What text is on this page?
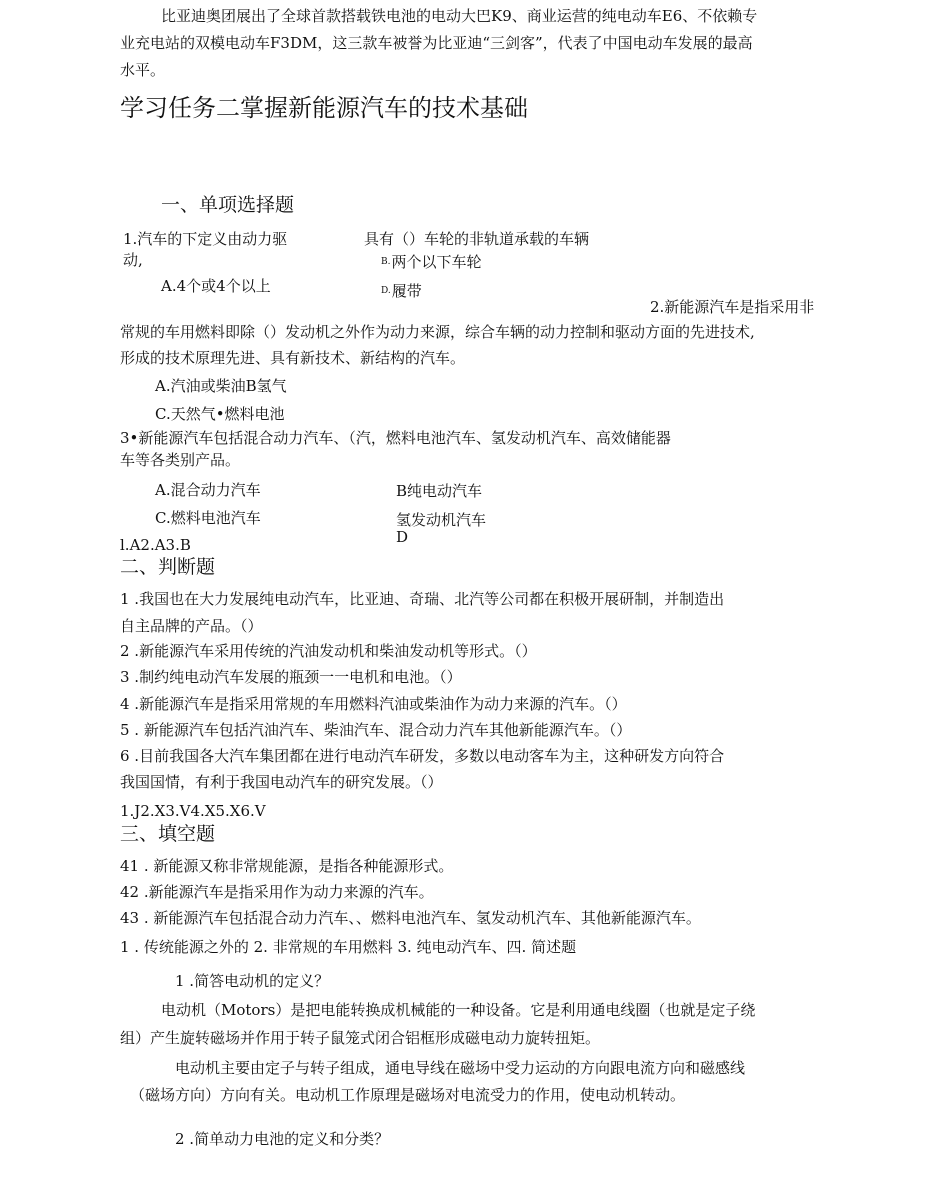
比亚迪奥团展出了全球首款搭载铁电池的电动大巴K9、商业运营的纯电动车E6、不依赖专
业充电站的双模电动车F3DM，这三款车被誉为比亚迪“三剑客”，代表了中国电动车发展的最高
水平。
学习任务二掌握新能源汽车的技术基础
一、单项选择题
1.汽车的下定义由动力驱
动,
具有（）车轮的非轨道承载的车辆
A.4个或4个以上
$^{B.}$两个以下车轮
$^{D.}$履带
2.新能源汽车是指采用非
常规的车用燃料即除（）发动机之外作为动力来源，综合车辆的动力控制和驱动方面的先进技术,
形成的技术原理先进、具有新技术、新结构的汽车。
A.汽油或柴油B氢气
C.天然气•燃料电池
3•新能源汽车包括混合动力汽车、（汽，燃料电池汽车、氢发动机汽车、高效储能器
车等各类别产品。
A.混合动力汽车	B纯电动汽车
C.燃料电池汽车	氢发动机汽车
D
l.A2.A3.B
二、判断题
1 .我国也在大力发展纯电动汽车，比亚迪、奇瑞、北汽等公司都在积极开展研制，并制造出
自主品牌的产品。（）
2 .新能源汽车采用传统的汽油发动机和柴油发动机等形式。（）
3 .制约纯电动汽车发展的瓶颈一一电机和电池。（）
4 .新能源汽车是指采用常规的车用燃料汽油或柴油作为动力来源的汽车。（）
5 . 新能源汽车包括汽油汽车、柴油汽车、混合动力汽车其他新能源汽车。（）
6 .目前我国各大汽车集团都在进行电动汽车研发，多数以电动客车为主，这种研发方向符合
我国国情，有利于我国电动汽车的研究发展。（）
1.J2.X3.V4.X5.X6.V
三、填空题
41 . 新能源又称非常规能源，是指各种能源形式。
42 .新能源汽车是指采用作为动力来源的汽车。
43 . 新能源汽车包括混合动力汽车、、燃料电池汽车、氢发动机汽车、其他新能源汽车。
1 . 传统能源之外的 2. 非常规的车用燃料 3. 纯电动汽车、四. 简述题
1 .简答电动机的定义？
电动机（Motors）是把电能转换成机械能的一种设备。它是利用通电线圈（也就是定子绕
组）产生旋转磁场并作用于转子鼠笼式闭合铝框形成磁电动力旋转扭矩。
电动机主要由定子与转子组成，通电导线在磁场中受力运动的方向跟电流方向和磁感线
（磁场方向）方向有关。电动机工作原理是磁场对电流受力的作用，使电动机转动。
2 .简单动力电池的定义和分类？
